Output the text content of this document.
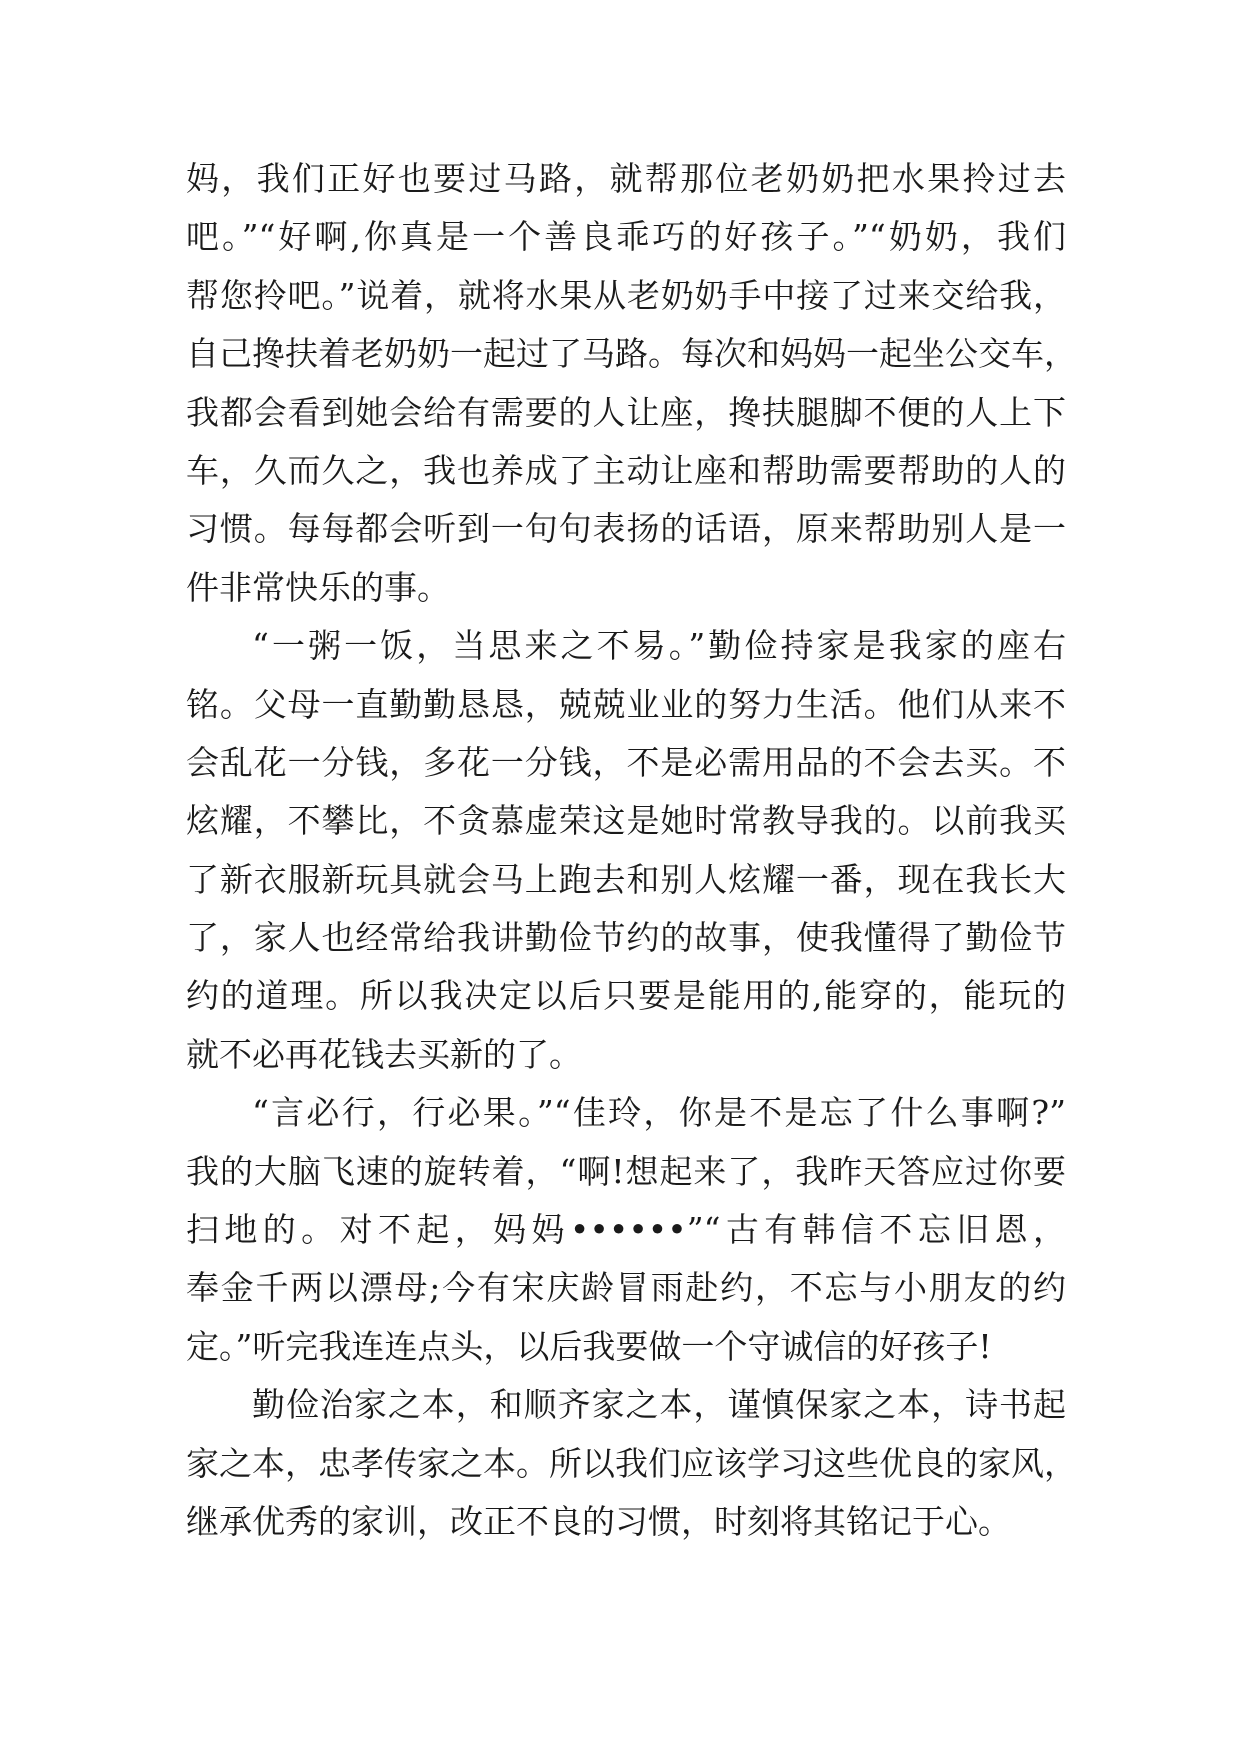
妈，我们正好也要过马路，就帮那位老奶奶把水果拎过去
吧。”“好啊,你真是一个善良乖巧的好孩子。”“奶奶，我们
帮您拎吧。”说着，就将水果从老奶奶手中接了过来交给我，
自己搀扶着老奶奶一起过了马路。每次和妈妈一起坐公交车，
我都会看到她会给有需要的人让座，搀扶腿脚不便的人上下
车，久而久之，我也养成了主动让座和帮助需要帮助的人的
习惯。每每都会听到一句句表扬的话语，原来帮助别人是一
件非常快乐的事。
“一粥一饭，当思来之不易。”勤俭持家是我家的座右
铭。父母一直勤勤恳恳，兢兢业业的努力生活。他们从来不
会乱花一分钱，多花一分钱，不是必需用品的不会去买。不
炫耀，不攀比，不贪慕虚荣这是她时常教导我的。以前我买
了新衣服新玩具就会马上跑去和别人炫耀一番，现在我长大
了，家人也经常给我讲勤俭节约的故事，使我懂得了勤俭节
约的道理。所以我决定以后只要是能用的,能穿的，能玩的
就不必再花钱去买新的了。
“言必行，行必果。”“佳玲，你是不是忘了什么事啊?”
我的大脑飞速的旋转着，“啊!想起来了，我昨天答应过你要
扫地的。对不起，妈妈••••••”“古有韩信不忘旧恩，
奉金千两以漂母;今有宋庆龄冒雨赴约，不忘与小朋友的约
定。”听完我连连点头，以后我要做一个守诚信的好孩子!
勤俭治家之本，和顺齐家之本，谨慎保家之本，诗书起
家之本，忠孝传家之本。所以我们应该学习这些优良的家风，
继承优秀的家训，改正不良的习惯，时刻将其铭记于心。
